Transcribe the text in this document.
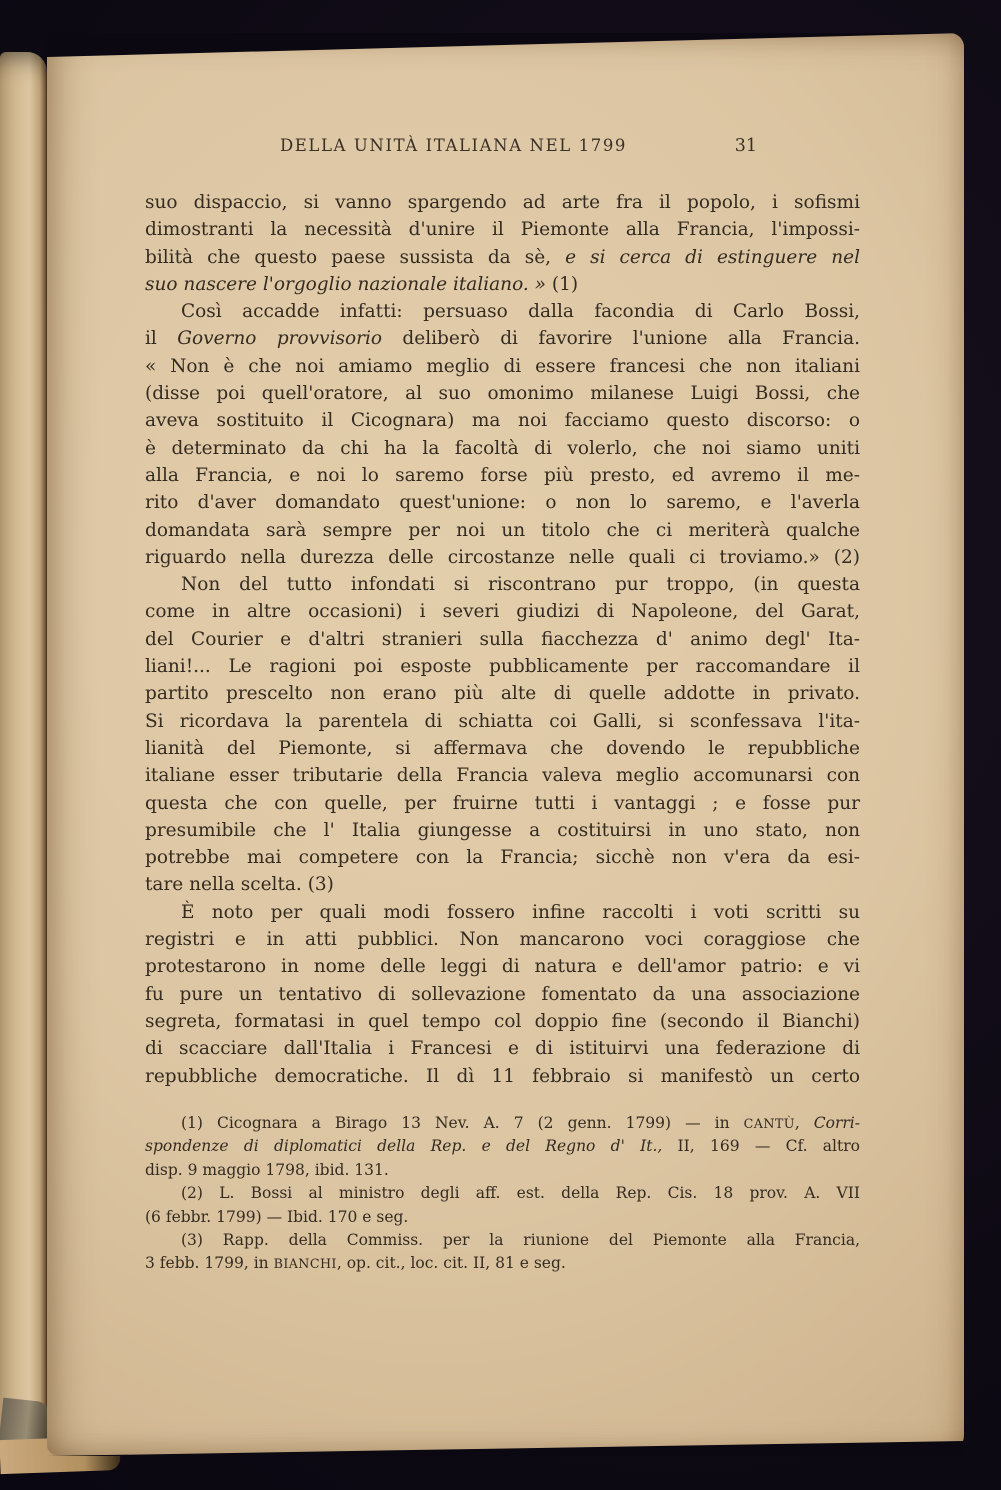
DELLA UNITÀ ITALIANA NEL 1799	31
suo dispaccio, si vanno spargendo ad arte fra il popolo, i sofismi
dimostranti la necessità d'unire il Piemonte alla Francia, l'impossi-
bilità che questo paese sussista da sè, e si cerca di estinguere nel
suo nascere l'orgoglio nazionale italiano. » (1)
Così accadde infatti: persuaso dalla facondia di Carlo Bossi,
il Governo provvisorio deliberò di favorire l'unione alla Francia.
« Non è che noi amiamo meglio di essere francesi che non italiani
(disse poi quell'oratore, al suo omonimo milanese Luigi Bossi, che
aveva sostituito il Cicognara) ma noi facciamo questo discorso: o
è determinato da chi ha la facoltà di volerlo, che noi siamo uniti
alla Francia, e noi lo saremo forse più presto, ed avremo il me-
rito d'aver domandato quest'unione: o non lo saremo, e l'averla
domandata sarà sempre per noi un titolo che ci meriterà qualche
riguardo nella durezza delle circostanze nelle quali ci troviamo.» (2)
Non del tutto infondati si riscontrano pur troppo, (in questa
come in altre occasioni) i severi giudizi di Napoleone, del Garat,
del Courier e d'altri stranieri sulla fiacchezza d' animo degl' Ita-
liani!... Le ragioni poi esposte pubblicamente per raccomandare il
partito prescelto non erano più alte di quelle addotte in privato.
Si ricordava la parentela di schiatta coi Galli, si sconfessava l'ita-
lianità del Piemonte, si affermava che dovendo le repubbliche
italiane esser tributarie della Francia valeva meglio accomunarsi con
questa che con quelle, per fruirne tutti i vantaggi ; e fosse pur
presumibile che l' Italia giungesse a costituirsi in uno stato, non
potrebbe mai competere con la Francia; sicchè non v'era da esi-
tare nella scelta. (3)
È noto per quali modi fossero infine raccolti i voti scritti su
registri e in atti pubblici. Non mancarono voci coraggiose che
protestarono in nome delle leggi di natura e dell'amor patrio: e vi
fu pure un tentativo di sollevazione fomentato da una associazione
segreta, formatasi in quel tempo col doppio fine (secondo il Bianchi)
di scacciare dall'Italia i Francesi e di istituirvi una federazione di
repubbliche democratiche. Il dì 11 febbraio si manifestò un certo
(1) Cicognara a Birago 13 Nev. A. 7 (2 genn. 1799) — in CANTÙ, Corri-
spondenze di diplomatici della Rep. e del Regno d' It., II, 169 — Cf. altro
disp. 9 maggio 1798, ibid. 131.
(2) L. Bossi al ministro degli aff. est. della Rep. Cis. 18 prov. A. VII
(6 febbr. 1799) — Ibid. 170 e seg.
(3) Rapp. della Commiss. per la riunione del Piemonte alla Francia,
3 febb. 1799, in BIANCHI, op. cit., loc. cit. II, 81 e seg.
